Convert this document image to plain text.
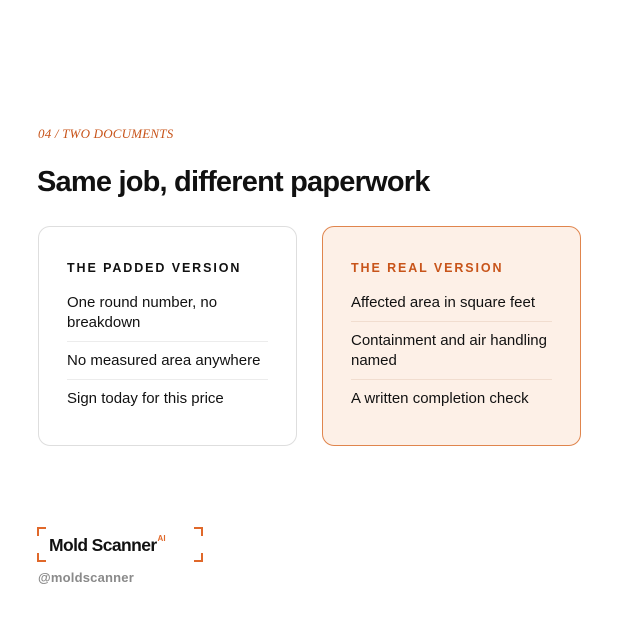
04 / TWO DOCUMENTS
Same job, different paperwork
THE PADDED VERSION
One round number, no breakdown
No measured area anywhere
Sign today for this price
THE REAL VERSION
Affected area in square feet
Containment and air handling named
A written completion check
Mold Scanner$^{AI}$
@moldscanner
